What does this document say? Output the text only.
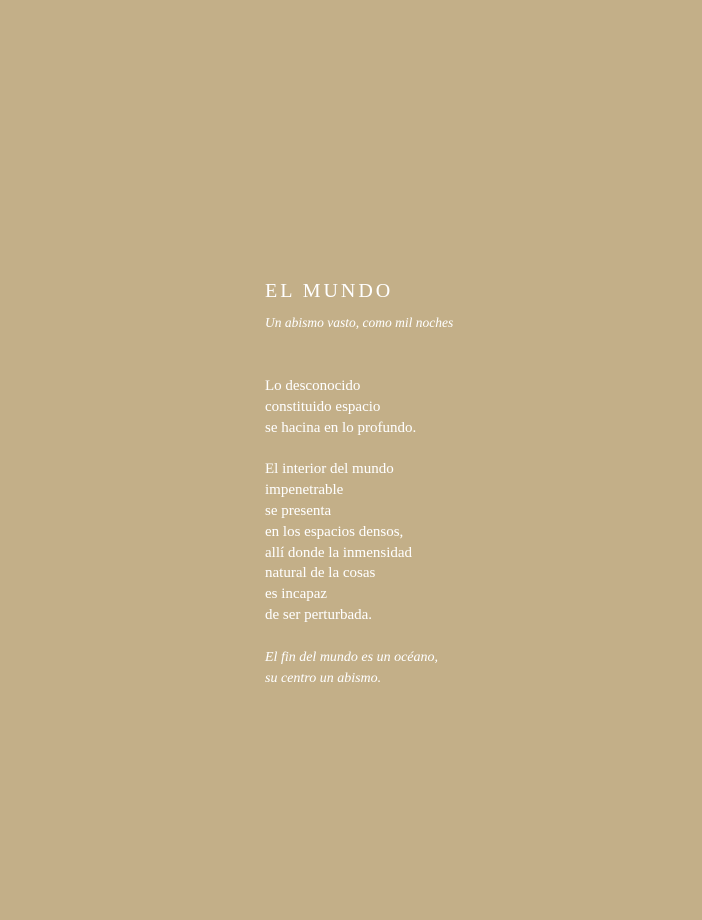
EL MUNDO

Un abismo vasto, como mil noches

Lo desconocido
constituido espacio
se hacina en lo profundo.
El interior del mundo
impenetrable
se presenta
en los espacios densos,
allí donde la inmensidad
natural de la cosas
es incapaz
de ser perturbada.
El fin del mundo es un océano,
su centro un abismo.
